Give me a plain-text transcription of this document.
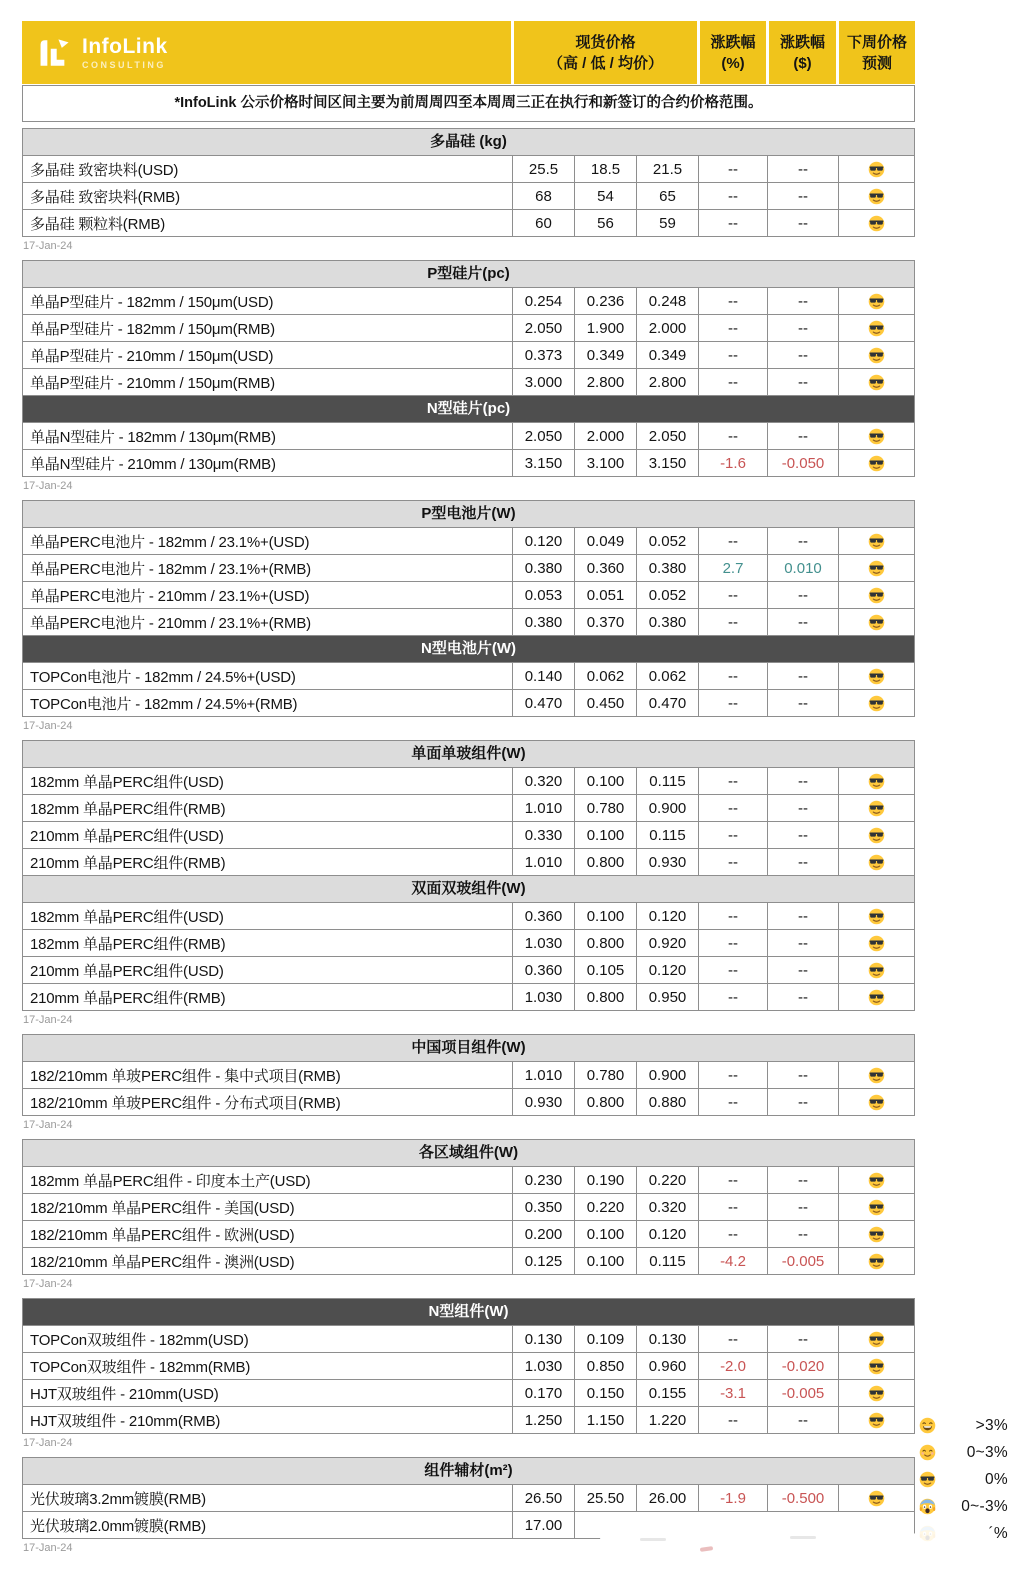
InfoLink
CONSULTING
现货价格
（高 / 低 / 均价）
涨跌幅
(%)
涨跌幅
($)
下周价格
预测
*InfoLink 公示价格时间区间主要为前周周四至本周周三正在执行和新签订的合约价格范围。
多晶硅 (kg)
多晶硅 致密块料(USD)	25.5	18.5	21.5	--	--
多晶硅 致密块料(RMB)	68	54	65	--	--
多晶硅 颗粒料(RMB)	60	56	59	--	--
17-Jan-24
P型硅片(pc)
单晶P型硅片 - 182mm / 150μm(USD)	0.254	0.236	0.248	--	--
单晶P型硅片 - 182mm / 150μm(RMB)	2.050	1.900	2.000	--	--
单晶P型硅片 - 210mm / 150μm(USD)	0.373	0.349	0.349	--	--
单晶P型硅片 - 210mm / 150μm(RMB)	3.000	2.800	2.800	--	--
N型硅片(pc)
单晶N型硅片 - 182mm / 130μm(RMB)	2.050	2.000	2.050	--	--
单晶N型硅片 - 210mm / 130μm(RMB)	3.150	3.100	3.150	-1.6	-0.050
17-Jan-24
P型电池片(W)
单晶PERC电池片 - 182mm / 23.1%+(USD)	0.120	0.049	0.052	--	--
单晶PERC电池片 - 182mm / 23.1%+(RMB)	0.380	0.360	0.380	2.7	0.010
单晶PERC电池片 - 210mm / 23.1%+(USD)	0.053	0.051	0.052	--	--
单晶PERC电池片 - 210mm / 23.1%+(RMB)	0.380	0.370	0.380	--	--
N型电池片(W)
TOPCon电池片 - 182mm / 24.5%+(USD)	0.140	0.062	0.062	--	--
TOPCon电池片 - 182mm / 24.5%+(RMB)	0.470	0.450	0.470	--	--
17-Jan-24
单面单玻组件(W)
182mm 单晶PERC组件(USD)	0.320	0.100	0.115	--	--
182mm 单晶PERC组件(RMB)	1.010	0.780	0.900	--	--
210mm 单晶PERC组件(USD)	0.330	0.100	0.115	--	--
210mm 单晶PERC组件(RMB)	1.010	0.800	0.930	--	--
双面双玻组件(W)
182mm 单晶PERC组件(USD)	0.360	0.100	0.120	--	--
182mm 单晶PERC组件(RMB)	1.030	0.800	0.920	--	--
210mm 单晶PERC组件(USD)	0.360	0.105	0.120	--	--
210mm 单晶PERC组件(RMB)	1.030	0.800	0.950	--	--
17-Jan-24
中国项目组件(W)
182/210mm 单玻PERC组件 - 集中式项目(RMB)	1.010	0.780	0.900	--	--
182/210mm 单玻PERC组件 - 分布式项目(RMB)	0.930	0.800	0.880	--	--
17-Jan-24
各区域组件(W)
182mm 单晶PERC组件 - 印度本土产(USD)	0.230	0.190	0.220	--	--
182/210mm 单晶PERC组件 - 美国(USD)	0.350	0.220	0.320	--	--
182/210mm 单晶PERC组件 - 欧洲(USD)	0.200	0.100	0.120	--	--
182/210mm 单晶PERC组件 - 澳洲(USD)	0.125	0.100	0.115	-4.2	-0.005
17-Jan-24
N型组件(W)
TOPCon双玻组件 - 182mm(USD)	0.130	0.109	0.130	--	--
TOPCon双玻组件 - 182mm(RMB)	1.030	0.850	0.960	-2.0	-0.020
HJT双玻组件 - 210mm(USD)	0.170	0.150	0.155	-3.1	-0.005
HJT双玻组件 - 210mm(RMB)	1.250	1.150	1.220	--	--
17-Jan-24
组件辅材(m²)
光伏玻璃3.2mm镀膜(RMB)	26.50	25.50	26.00	-1.9	-0.500
光伏玻璃2.0mm镀膜(RMB)	17.00
17-Jan-24
>3%
0~3%
0%
0~-3%
´%
